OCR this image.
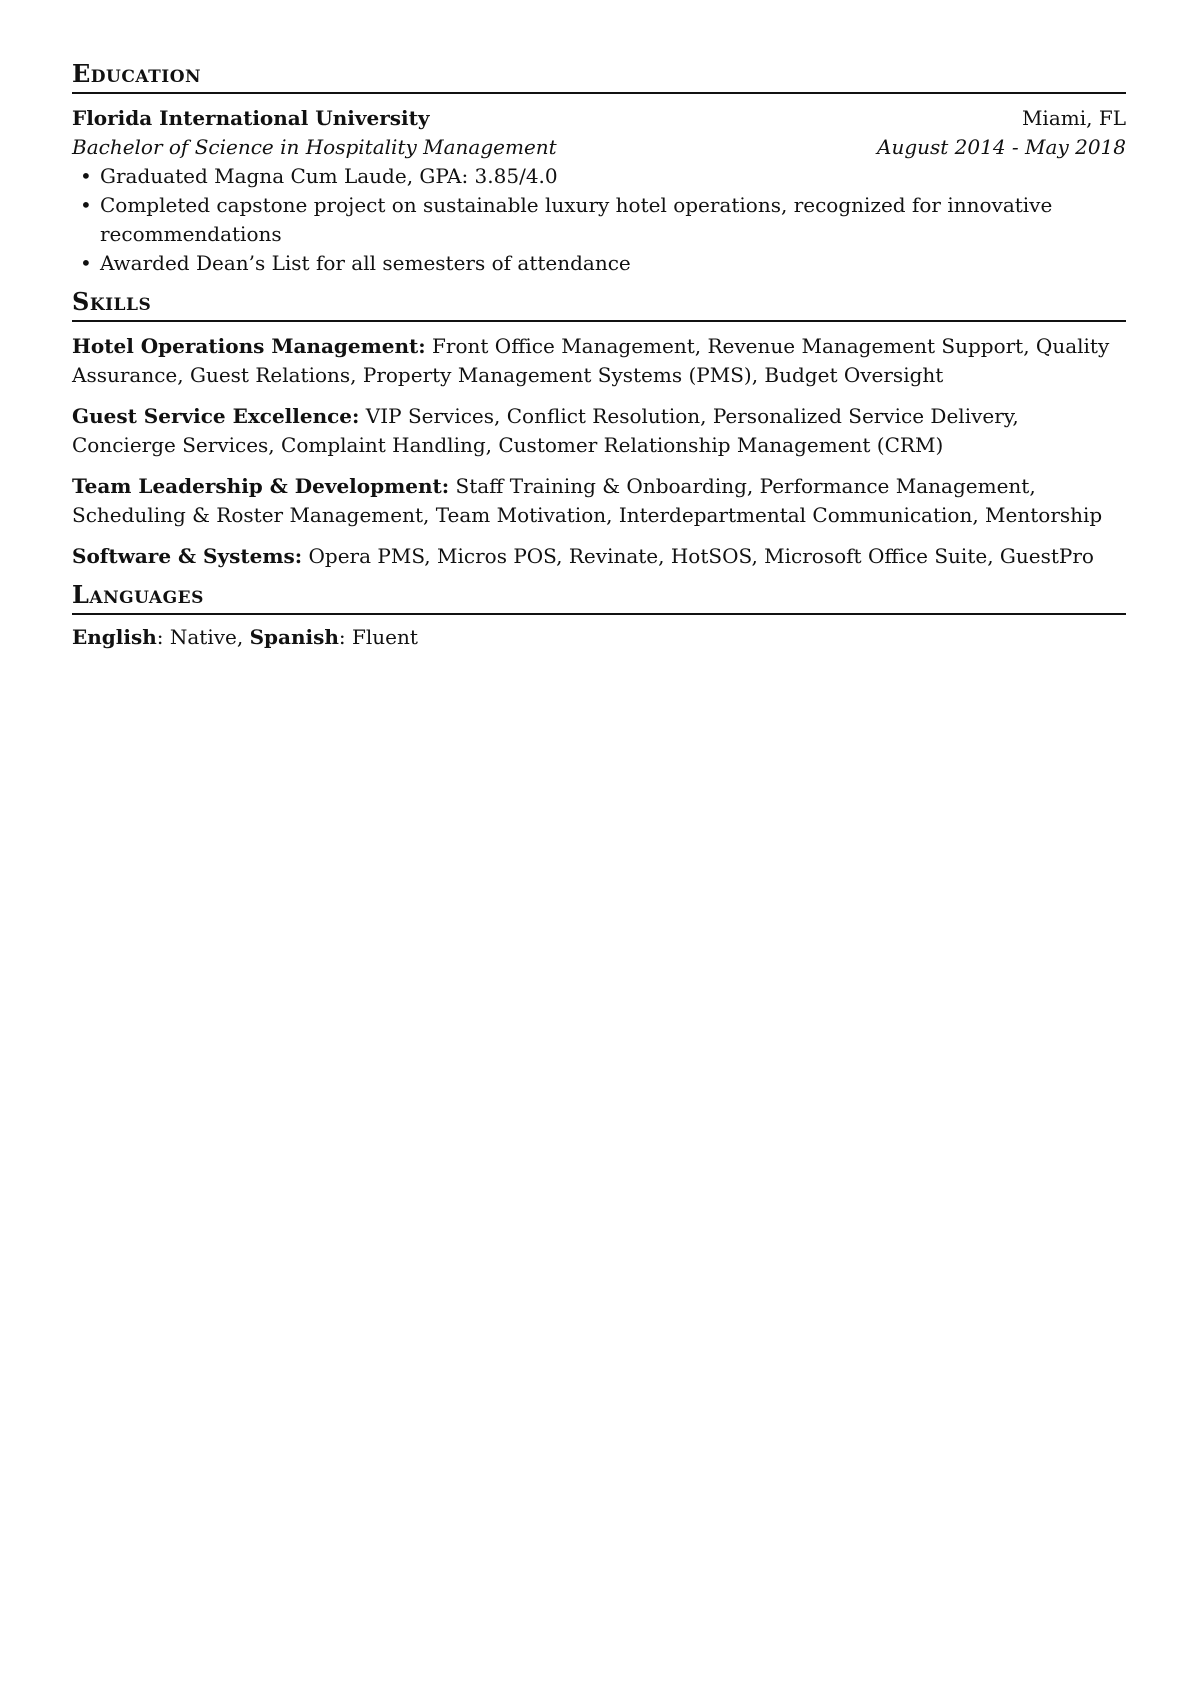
Education
Florida International University	Miami, FL
Bachelor of Science in Hospitality Management	August 2014 - May 2018
• Graduated Magna Cum Laude, GPA: 3.85/4.0
• Completed capstone project on sustainable luxury hotel operations, recognized for innovative recommendations
• Awarded Dean’s List for all semesters of attendance
Skills

Hotel Operations Management: Front Office Management, Revenue Management Support, Quality Assurance, Guest Relations, Property Management Systems (PMS), Budget Oversight

Guest Service Excellence: VIP Services, Conflict Resolution, Personalized Service Delivery, Concierge Services, Complaint Handling, Customer Relationship Management (CRM)

Team Leadership & Development: Staff Training & Onboarding, Performance Management, Scheduling & Roster Management, Team Motivation, Interdepartmental Communication, Mentorship

Software & Systems: Opera PMS, Micros POS, Revinate, HotSOS, Microsoft Office Suite, GuestPro

Languages
English: Native, Spanish: Fluent
